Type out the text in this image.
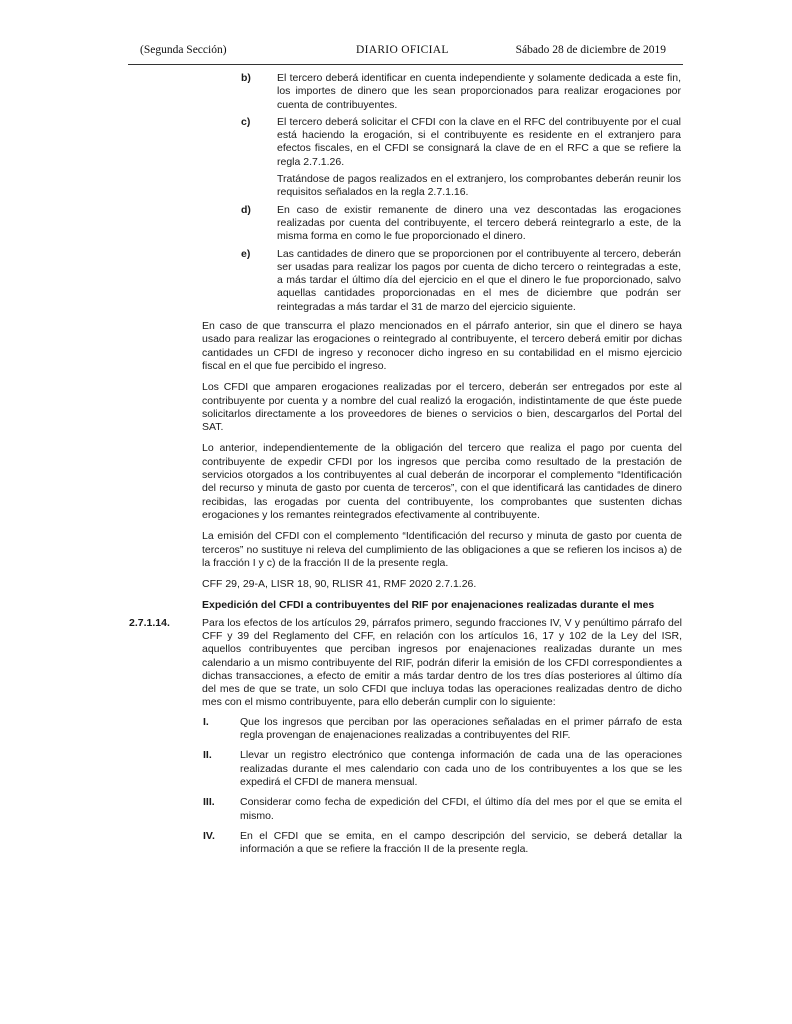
(Segunda Sección)	DIARIO OFICIAL	Sábado 28 de diciembre de 2019
b) El tercero deberá identificar en cuenta independiente y solamente dedicada a este fin, los importes de dinero que les sean proporcionados para realizar erogaciones por cuenta de contribuyentes.
c)	El tercero deberá solicitar el CFDI con la clave en el RFC del contribuyente por el cual está haciendo la erogación, si el contribuyente es residente en el extranjero para efectos fiscales, en el CFDI se consignará la clave de en el RFC a que se refiere la regla 2.7.1.26.
Tratándose de pagos realizados en el extranjero, los comprobantes deberán reunir los requisitos señalados en la regla 2.7.1.16.
d) En caso de existir remanente de dinero una vez descontadas las erogaciones realizadas por cuenta del contribuyente, el tercero deberá reintegrarlo a este, de la misma forma en como le fue proporcionado el dinero.
e)	Las cantidades de dinero que se proporcionen por el contribuyente al tercero, deberán ser usadas para realizar los pagos por cuenta de dicho tercero o reintegradas a este, a más tardar el último día del ejercicio en el que el dinero le fue proporcionado, salvo aquellas cantidades proporcionadas en el mes de diciembre que podrán ser reintegradas a más tardar el 31 de marzo del ejercicio siguiente.
En caso de que transcurra el plazo mencionados en el párrafo anterior, sin que el dinero se haya usado para realizar las erogaciones o reintegrado al contribuyente, el tercero deberá emitir por dichas cantidades un CFDI de ingreso y reconocer dicho ingreso en su contabilidad en el mismo ejercicio fiscal en el que fue percibido el ingreso.
Los CFDI que amparen erogaciones realizadas por el tercero, deberán ser entregados por este al contribuyente por cuenta y a nombre del cual realizó la erogación, indistintamente de que éste puede solicitarlos directamente a los proveedores de bienes o servicios o bien, descargarlos del Portal del SAT.
Lo anterior, independientemente de la obligación del tercero que realiza el pago por cuenta del contribuyente de expedir CFDI por los ingresos que perciba como resultado de la prestación de servicios otorgados a los contribuyentes al cual deberán de incorporar el complemento “Identificación del recurso y minuta de gasto por cuenta de terceros”, con el que identificará las cantidades de dinero recibidas, las erogadas por cuenta del contribuyente, los comprobantes que sustenten dichas erogaciones y los remantes reintegrados efectivamente al contribuyente.
La emisión del CFDI con el complemento “Identificación del recurso y minuta de gasto por cuenta de terceros” no sustituye ni releva del cumplimiento de las obligaciones a que se refieren los incisos a) de la fracción I y c) de la fracción II de la presente regla.
CFF 29, 29-A, LISR 18, 90, RLISR 41, RMF 2020 2.7.1.26.
Expedición del CFDI a contribuyentes del RIF por enajenaciones realizadas durante el mes
2.7.1.14.	Para los efectos de los artículos 29, párrafos primero, segundo fracciones IV, V y penúltimo párrafo del CFF y 39 del Reglamento del CFF, en relación con los artículos 16, 17 y 102 de la Ley del ISR, aquellos contribuyentes que perciban ingresos por enajenaciones realizadas durante un mes calendario a un mismo contribuyente del RIF, podrán diferir la emisión de los CFDI correspondientes a dichas transacciones, a efecto de emitir a más tardar dentro de los tres días posteriores al último día del mes de que se trate, un solo CFDI que incluya todas las operaciones realizadas dentro de dicho mes con el mismo contribuyente, para ello deberán cumplir con lo siguiente:
I.	Que los ingresos que perciban por las operaciones señaladas en el primer párrafo de esta regla provengan de enajenaciones realizadas a contribuyentes del RIF.
II.	Llevar un registro electrónico que contenga información de cada una de las operaciones realizadas durante el mes calendario con cada uno de los contribuyentes a los que se les expedirá el CFDI de manera mensual.
III. Considerar como fecha de expedición del CFDI, el último día del mes por el que se emita el mismo.
IV. En el CFDI que se emita, en el campo descripción del servicio, se deberá detallar la información a que se refiere la fracción II de la presente regla.
